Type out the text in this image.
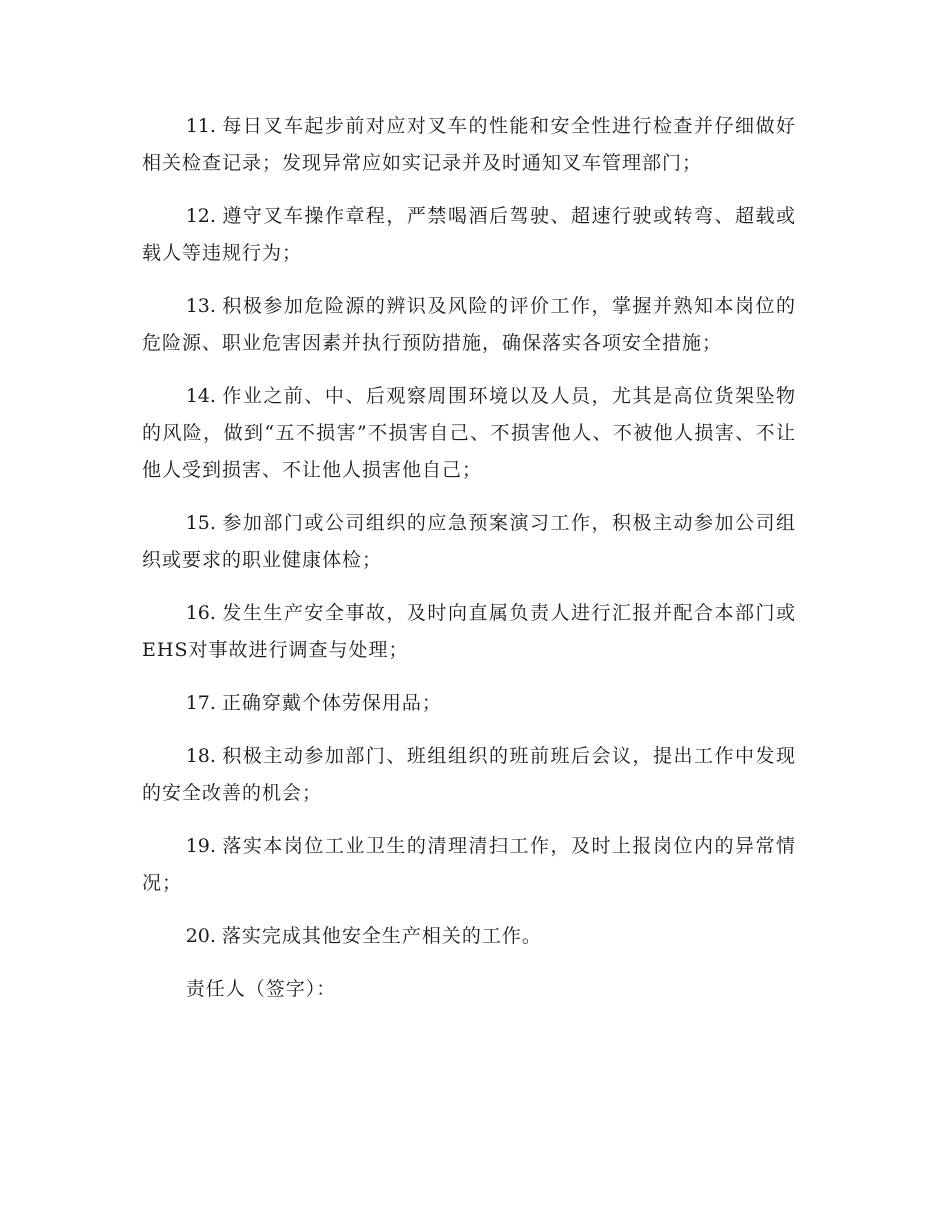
11. 每日叉车起步前对应对叉车的性能和安全性进行检查并仔细做好相关检查记录；发现异常应如实记录并及时通知叉车管理部门；

12. 遵守叉车操作章程，严禁喝酒后驾驶、超速行驶或转弯、超载或载人等违规行为；

13. 积极参加危险源的辨识及风险的评价工作，掌握并熟知本岗位的危险源、职业危害因素并执行预防措施，确保落实各项安全措施；

14. 作业之前、中、后观察周围环境以及人员，尤其是高位货架坠物的风险，做到“五不损害”不损害自己、不损害他人、不被他人损害、不让他人受到损害、不让他人损害他自己；

15. 参加部门或公司组织的应急预案演习工作，积极主动参加公司组织或要求的职业健康体检；

16. 发生生产安全事故，及时向直属负责人进行汇报并配合本部门或EHS对事故进行调查与处理；

17. 正确穿戴个体劳保用品；

18. 积极主动参加部门、班组组织的班前班后会议，提出工作中发现的安全改善的机会；

19. 落实本岗位工业卫生的清理清扫工作，及时上报岗位内的异常情况；

20. 落实完成其他安全生产相关的工作。

责任人（签字）：
